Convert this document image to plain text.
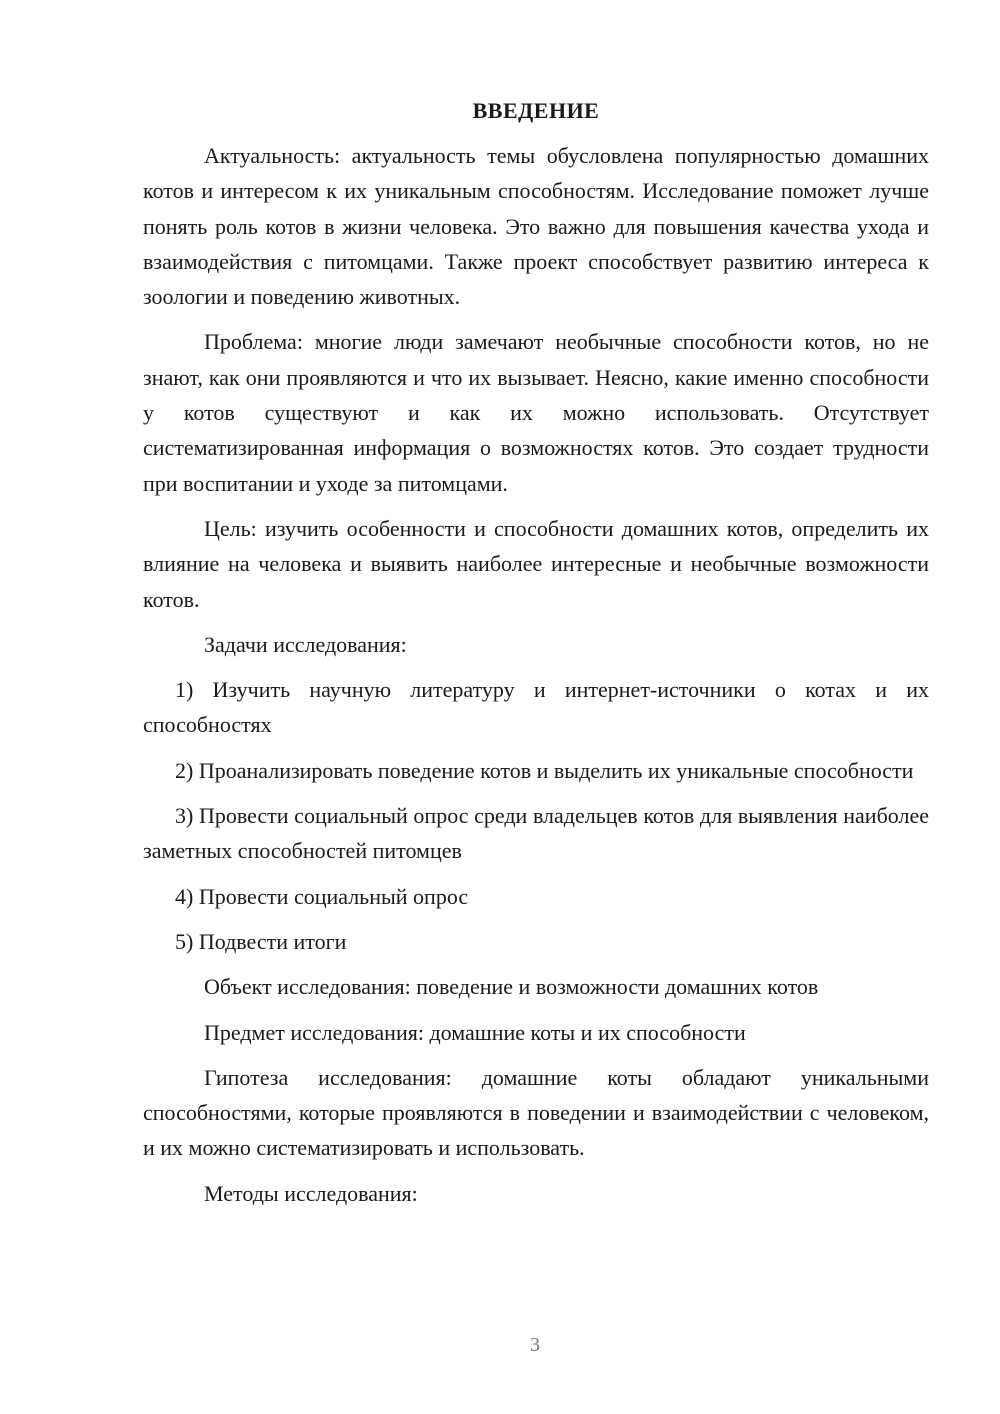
ВВЕДЕНИЕ

Актуальность: актуальность темы обусловлена популярностью домашних котов и интересом к их уникальным способностям. Исследование поможет лучше понять роль котов в жизни человека. Это важно для повышения качества ухода и взаимодействия с питомцами. Также проект способствует развитию интереса к зоологии и поведению животных.

Проблема: многие люди замечают необычные способности котов, но не знают, как они проявляются и что их вызывает. Неясно, какие именно способности у котов существуют и как их можно использовать. Отсутствует систематизированная информация о возможностях котов. Это создает трудности при воспитании и уходе за питомцами.

Цель: изучить особенности и способности домашних котов, определить их влияние на человека и выявить наиболее интересные и необычные возможности котов.

Задачи исследования:

1) Изучить научную литературу и интернет-источники о котах и их способностях

2) Проанализировать поведение котов и выделить их уникальные способности

3) Провести социальный опрос среди владельцев котов для выявления наиболее заметных способностей питомцев

4) Провести социальный опрос

5) Подвести итоги

Объект исследования: поведение и возможности домашних котов

Предмет исследования: домашние коты и их способности

Гипотеза исследования: домашние коты обладают уникальными способностями, которые проявляются в поведении и взаимодействии с человеком, и их можно систематизировать и использовать.

Методы исследования:

3
